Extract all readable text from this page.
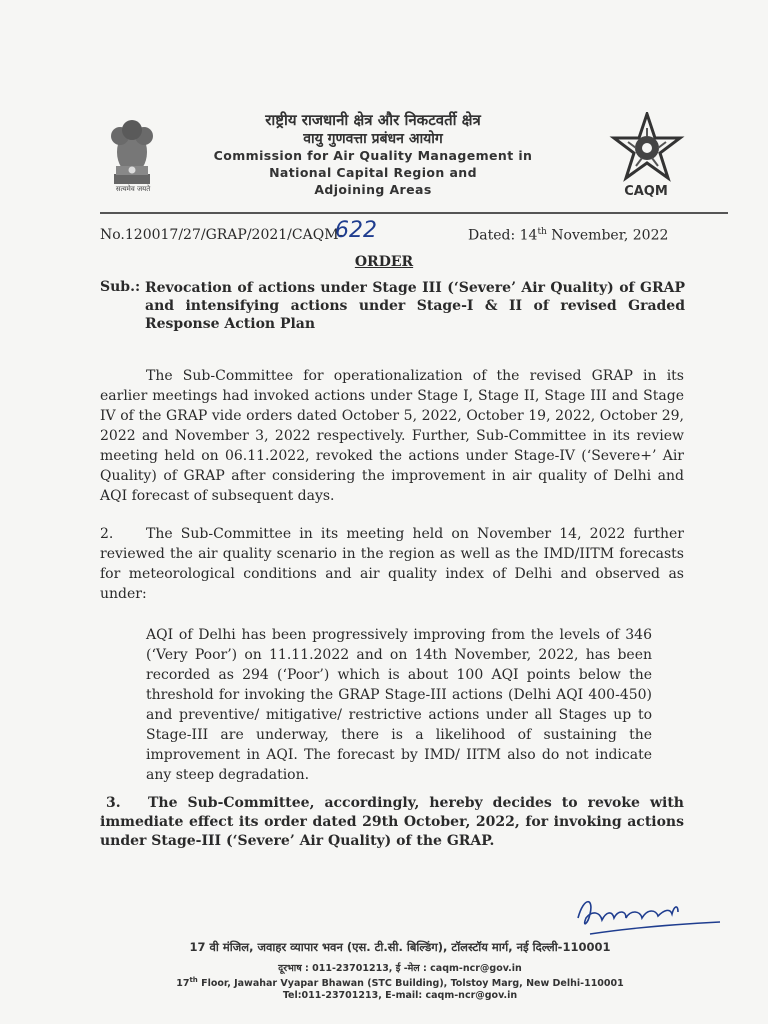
सत्यमेव जयते
राष्ट्रीय राजधानी क्षेत्र और निकटवर्ती क्षेत्र
वायु गुणवत्ता प्रबंधन आयोग
Commission for Air Quality Management in
National Capital Region and
Adjoining Areas	CAQM
No.120017/27/GRAP/2021/CAQM-
622	Dated: 14th November, 2022
ORDER
Sub.: Revocation of actions under Stage III (‘Severe’ Air Quality) of GRAP and intensifying actions under Stage-I & II of revised Graded Response Action Plan
The Sub-Committee for operationalization of the revised GRAP in its earlier meetings had invoked actions under Stage I, Stage II, Stage III and Stage IV of the GRAP vide orders dated October 5, 2022, October 19, 2022, October 29, 2022 and November 3, 2022 respectively. Further, Sub-Committee in its review meeting held on 06.11.2022, revoked the actions under Stage-IV (‘Severe+’ Air Quality) of GRAP after considering the improvement in air quality of Delhi and AQI forecast of subsequent days.
2. The Sub-Committee in its meeting held on November 14, 2022 further reviewed the air quality scenario in the region as well as the IMD/IITM forecasts for meteorological conditions and air quality index of Delhi and observed as under:
AQI of Delhi has been progressively improving from the levels of 346 (‘Very Poor’) on 11.11.2022 and on 14th November, 2022, has been recorded as 294 (‘Poor’) which is about 100 AQI points below the threshold for invoking the GRAP Stage-III actions (Delhi AQI 400-450) and preventive/ mitigative/ restrictive actions under all Stages up to Stage-III are underway, there is a likelihood of sustaining the improvement in AQI. The forecast by IMD/ IITM also do not indicate any steep degradation.
3. The Sub-Committee, accordingly, hereby decides to revoke with immediate effect its order dated 29th October, 2022, for invoking actions under Stage-III (‘Severe’ Air Quality) of the GRAP.
17 वी मंजिल, जवाहर व्यापार भवन (एस. टी.सी. बिल्डिंग), टॉलस्टॉय मार्ग, नई दिल्ली-110001
दूरभाष : 011-23701213, ई -मेल : caqm-ncr@gov.in
17th Floor, Jawahar Vyapar Bhawan (STC Building), Tolstoy Marg, New Delhi-110001
Tel:011-23701213, E-mail: caqm-ncr@gov.in
